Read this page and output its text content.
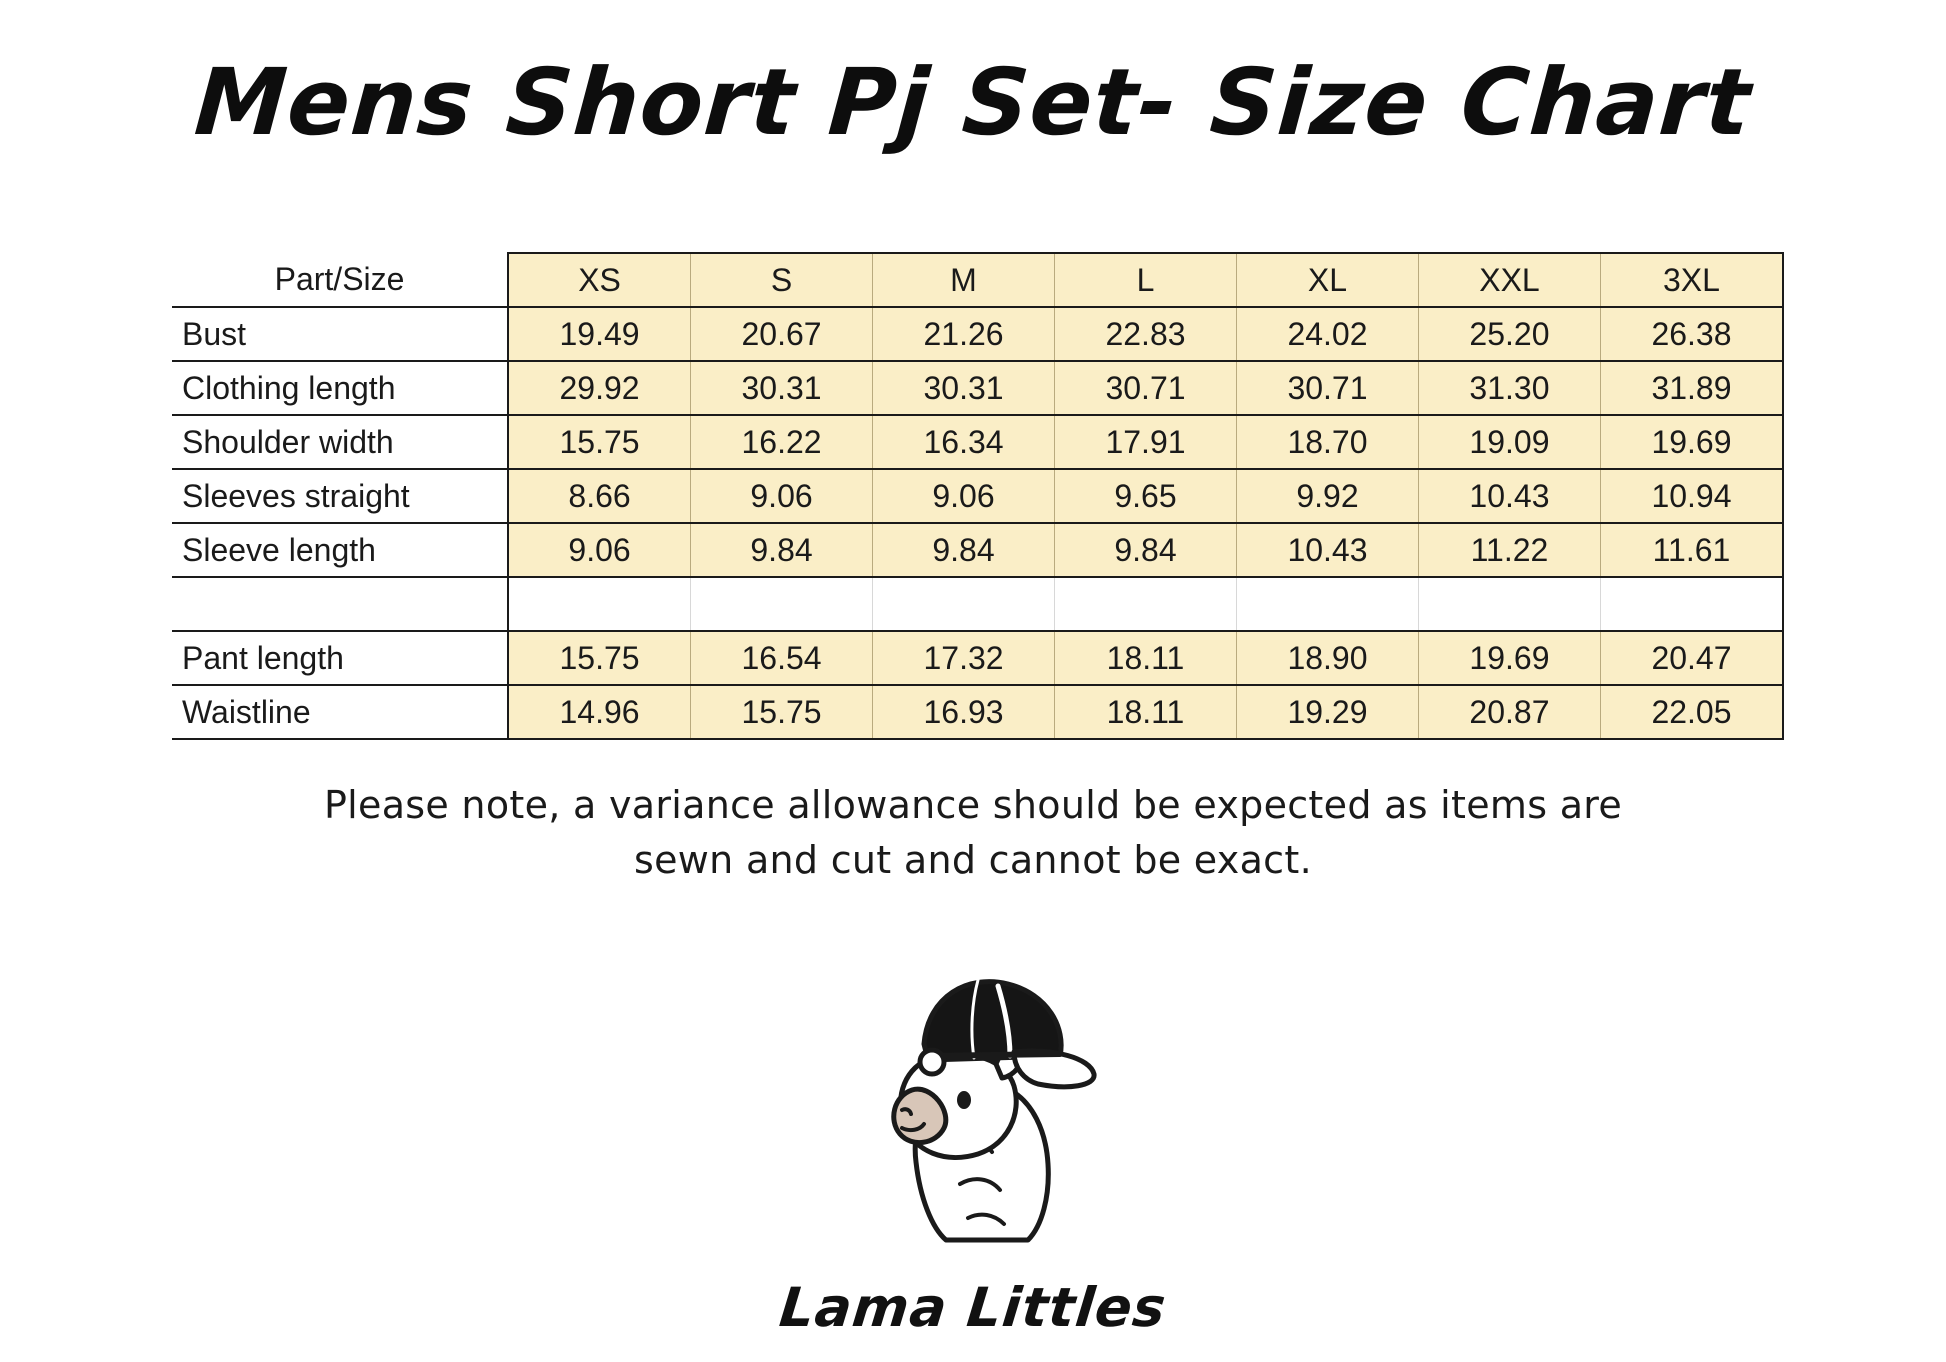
Mens Short Pj Set- Size Chart
Part/Size	XS	S	M	L	XL	XXL	3XL
Bust	19.49	20.67	21.26	22.83	24.02	25.20	26.38
Clothing length	29.92	30.31	30.31	30.71	30.71	31.30	31.89
Shoulder width	15.75	16.22	16.34	17.91	18.70	19.09	19.69
Sleeves straight	8.66	9.06	9.06	9.65	9.92	10.43	10.94
Sleeve length	9.06	9.84	9.84	9.84	10.43	11.22	11.61

Pant length	15.75	16.54	17.32	18.11	18.90	19.69	20.47
Waistline	14.96	15.75	16.93	18.11	19.29	20.87	22.05
Please note, a variance allowance should be expected as items are sewn and cut and cannot be exact.
Lama Littles
